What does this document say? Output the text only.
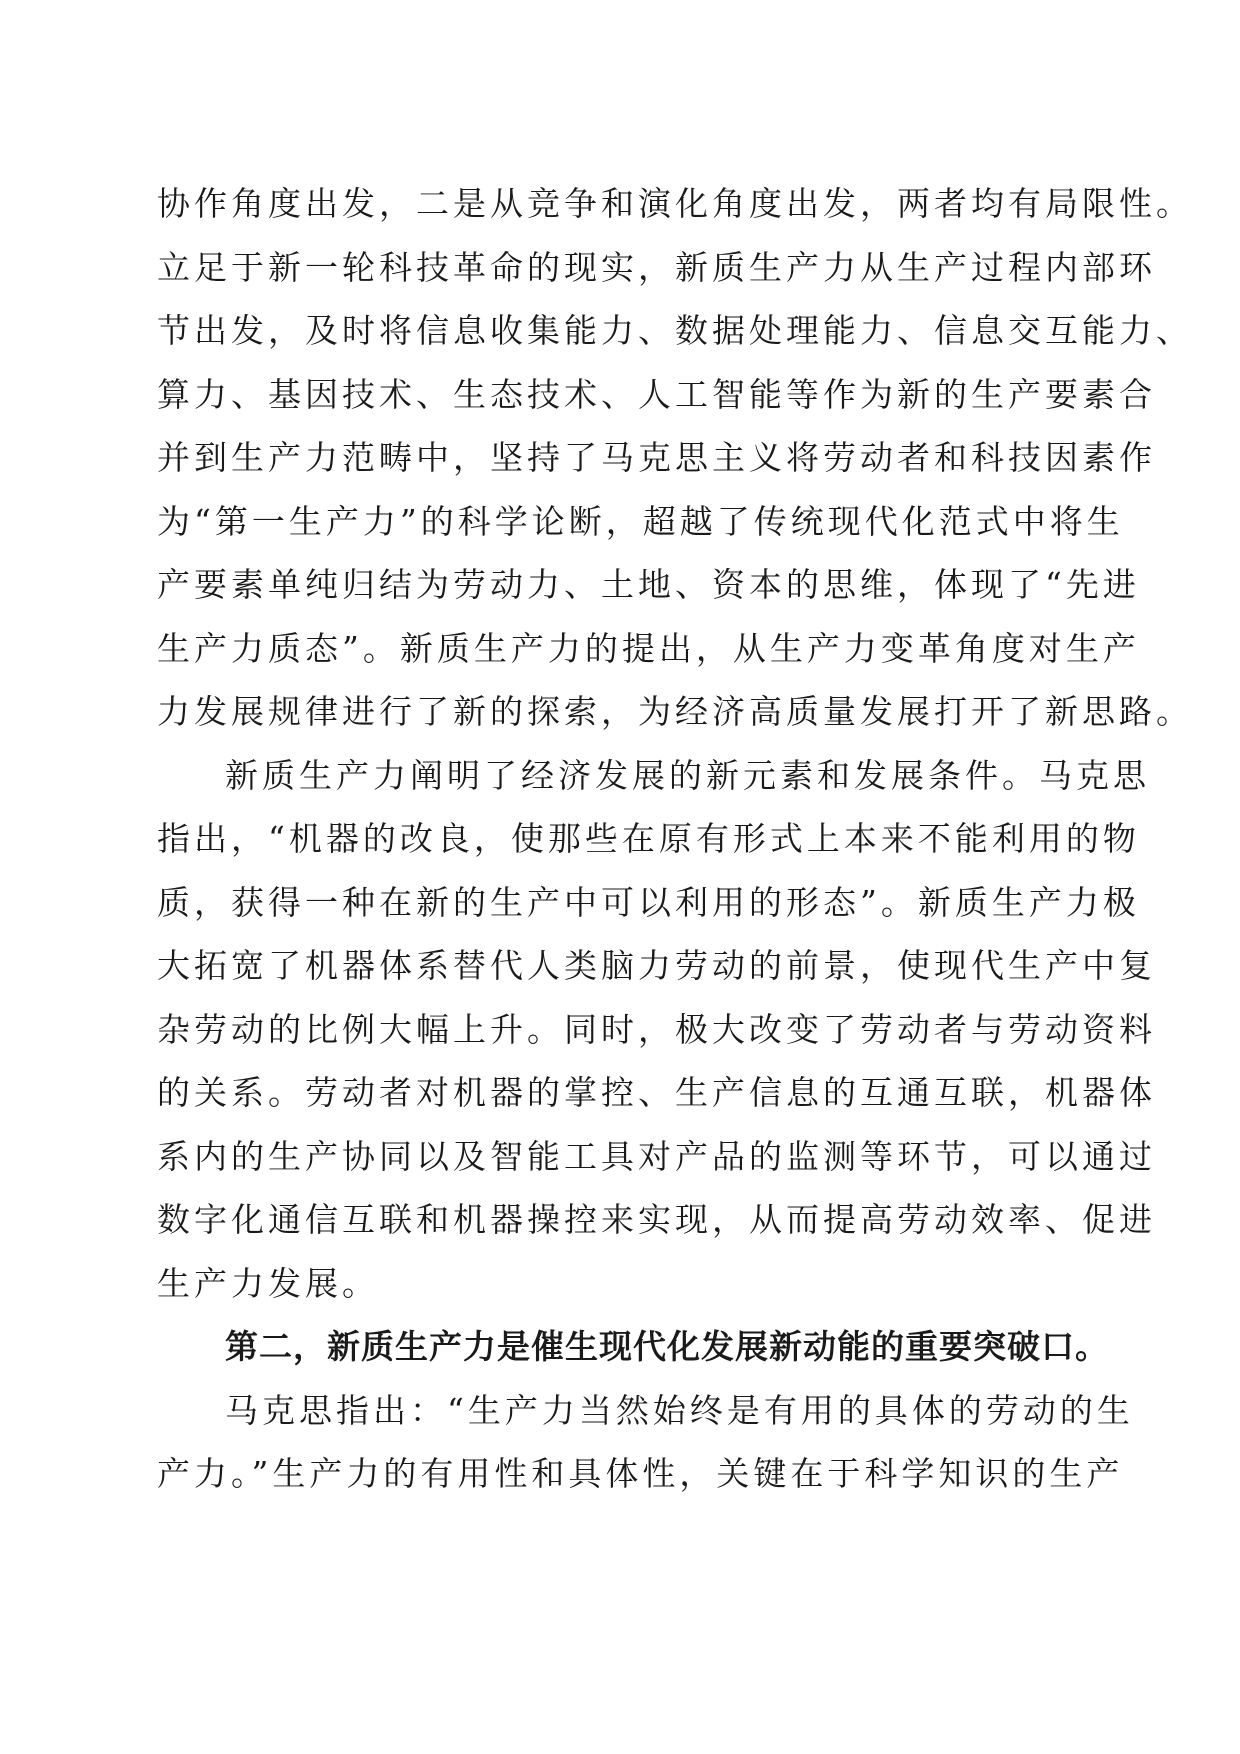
协作角度出发，二是从竞争和演化角度出发，两者均有局限性。
立足于新一轮科技革命的现实，新质生产力从生产过程内部环
节出发，及时将信息收集能力、数据处理能力、信息交互能力、
算力、基因技术、生态技术、人工智能等作为新的生产要素合
并到生产力范畴中，坚持了马克思主义将劳动者和科技因素作
为“第一生产力”的科学论断，超越了传统现代化范式中将生
产要素单纯归结为劳动力、土地、资本的思维，体现了“先进
生产力质态”。新质生产力的提出，从生产力变革角度对生产
力发展规律进行了新的探索，为经济高质量发展打开了新思路。
新质生产力阐明了经济发展的新元素和发展条件。马克思
指出，“机器的改良，使那些在原有形式上本来不能利用的物
质，获得一种在新的生产中可以利用的形态”。新质生产力极
大拓宽了机器体系替代人类脑力劳动的前景，使现代生产中复
杂劳动的比例大幅上升。同时，极大改变了劳动者与劳动资料
的关系。劳动者对机器的掌控、生产信息的互通互联，机器体
系内的生产协同以及智能工具对产品的监测等环节，可以通过
数字化通信互联和机器操控来实现，从而提高劳动效率、促进
生产力发展。
第二，新质生产力是催生现代化发展新动能的重要突破口。
马克思指出：“生产力当然始终是有用的具体的劳动的生
产力。”生产力的有用性和具体性，关键在于科学知识的生产
